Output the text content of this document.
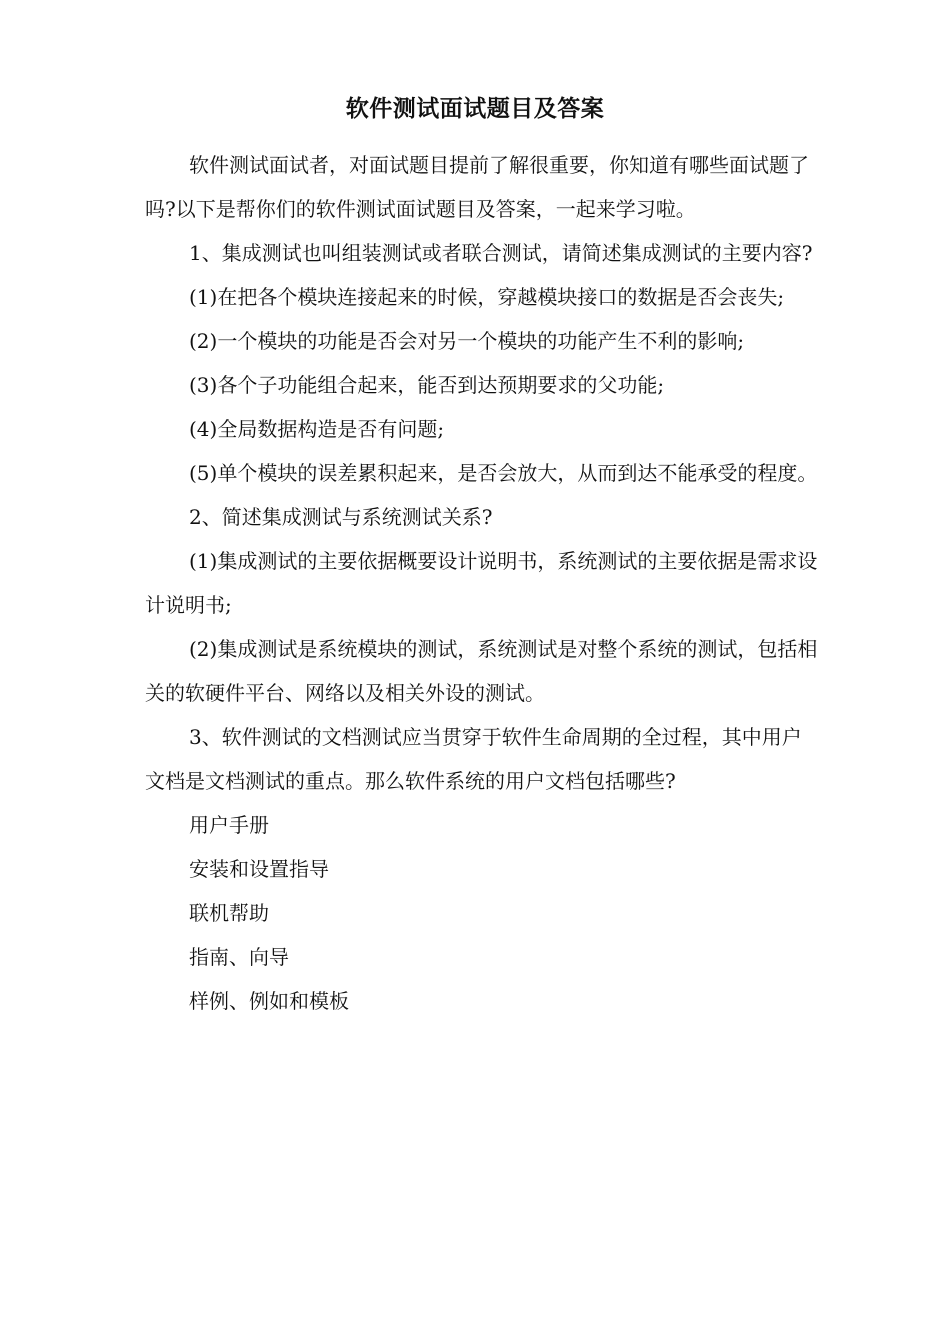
软件测试面试题目及答案

软件测试面试者，对面试题目提前了解很重要，你知道有哪些面试题了吗?以下是帮你们的软件测试面试题目及答案，一起来学习啦。

1、集成测试也叫组装测试或者联合测试，请简述集成测试的主要内容?

(1)在把各个模块连接起来的时候，穿越模块接口的数据是否会丧失;

(2)一个模块的功能是否会对另一个模块的功能产生不利的影响;

(3)各个子功能组合起来，能否到达预期要求的父功能;

(4)全局数据构造是否有问题;

(5)单个模块的误差累积起来，是否会放大，从而到达不能承受的程度。

2、简述集成测试与系统测试关系?

(1)集成测试的主要依据概要设计说明书，系统测试的主要依据是需求设计说明书;

(2)集成测试是系统模块的测试，系统测试是对整个系统的测试，包括相关的软硬件平台、网络以及相关外设的测试。

3、软件测试的文档测试应当贯穿于软件生命周期的全过程，其中用户文档是文档测试的重点。那么软件系统的用户文档包括哪些?

用户手册

安装和设置指导

联机帮助

指南、向导

样例、例如和模板
